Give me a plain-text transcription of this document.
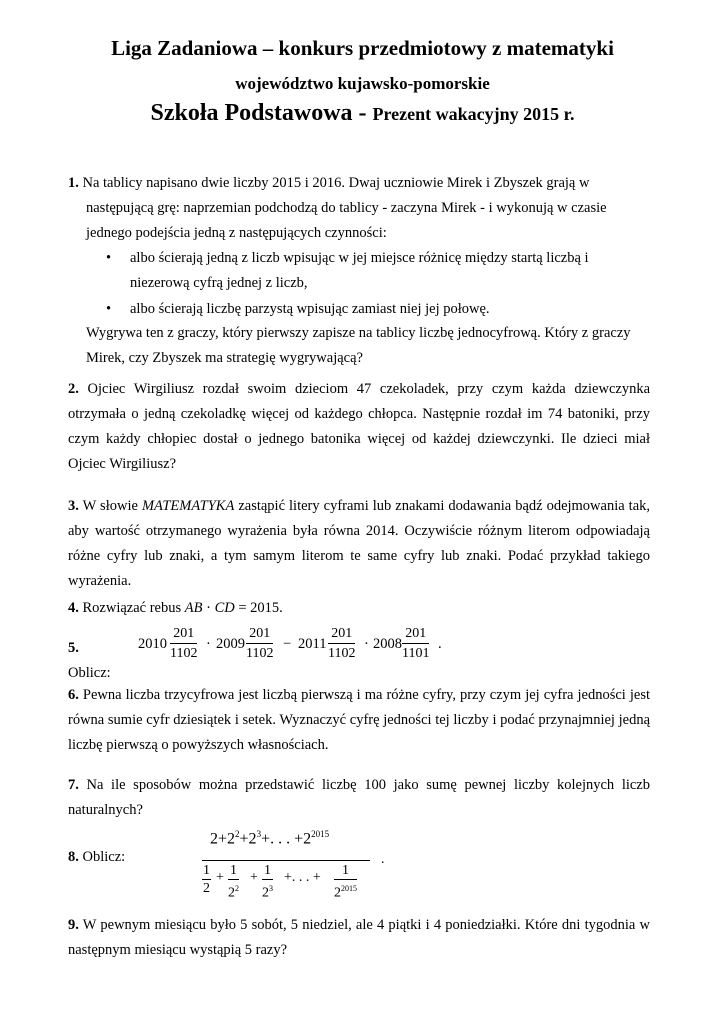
Liga Zadaniowa – konkurs przedmiotowy z matematyki
województwo kujawsko-pomorskie
Szkoła Podstawowa - Prezent wakacyjny 2015 r.
1. Na tablicy napisano dwie liczby 2015 i 2016. Dwaj uczniowie Mirek i Zbyszek grają w
następującą grę: naprzemian podchodzą do tablicy - zaczyna Mirek - i wykonują w czasie
jednego podejścia jedną z następujących czynności:
• albo ścierają jedną z liczb wpisując w jej miejsce różnicę między startą liczbą i
niezerową cyfrą jednej z liczb,
• albo ścierają liczbę parzystą wpisując zamiast niej jej połowę.
Wygrywa ten z graczy, który pierwszy zapisze na tablicy liczbę jednocyfrową. Który z graczy
Mirek, czy Zbyszek ma strategię wygrywającą?
2. Ojciec Wirgiliusz rozdał swoim dzieciom 47 czekoladek, przy czym każda dziewczynka otrzymała o jedną czekoladkę więcej od każdego chłopca. Następnie rozdał im 74 batoniki, przy czym każdy chłopiec dostał o jednego batonika więcej od każdej dziewczynki. Ile dzieci miał Ojciec Wirgiliusz?
3. W słowie MATEMATYKA zastąpić litery cyframi lub znakami dodawania bądź odejmowania tak, aby wartość otrzymanego wyrażenia była równa 2014. Oczywiście różnym literom odpowiadają różne cyfry lub znaki, a tym samym literom te same cyfry lub znaki. Podać przykład takiego wyrażenia.
4. Rozwiązać rebus AB · CD = 2015.
5. Oblicz:
$2010 \frac{201}{1102} \cdot 2009 \frac{201}{1102} - 2011 \frac{201}{1102} \cdot 2008 \frac{201}{1101}$ .
6. Pewna liczba trzycyfrowa jest liczbą pierwszą i ma różne cyfry, przy czym jej cyfra jedności jest równa sumie cyfr dziesiątek i setek. Wyznaczyć cyfrę jedności tej liczby i podać przynajmniej jedną liczbę pierwszą o powyższych własnościach.
7. Na ile sposobów można przedstawić liczbę 100 jako sumę pewnej liczby kolejnych liczb naturalnych?
8. Oblicz:
$2+2^2+2^3+$. . . $+2^{2015}$
$\frac{1}{2} + \frac{1}{2^2} + \frac{1}{2^3}$ +. . . + $\frac{1}{2^{2015}}$
.
9. W pewnym miesiącu było 5 sobót, 5 niedziel, ale 4 piątki i 4 poniedziałki. Które dni tygodnia w następnym miesiącu wystąpią 5 razy?
